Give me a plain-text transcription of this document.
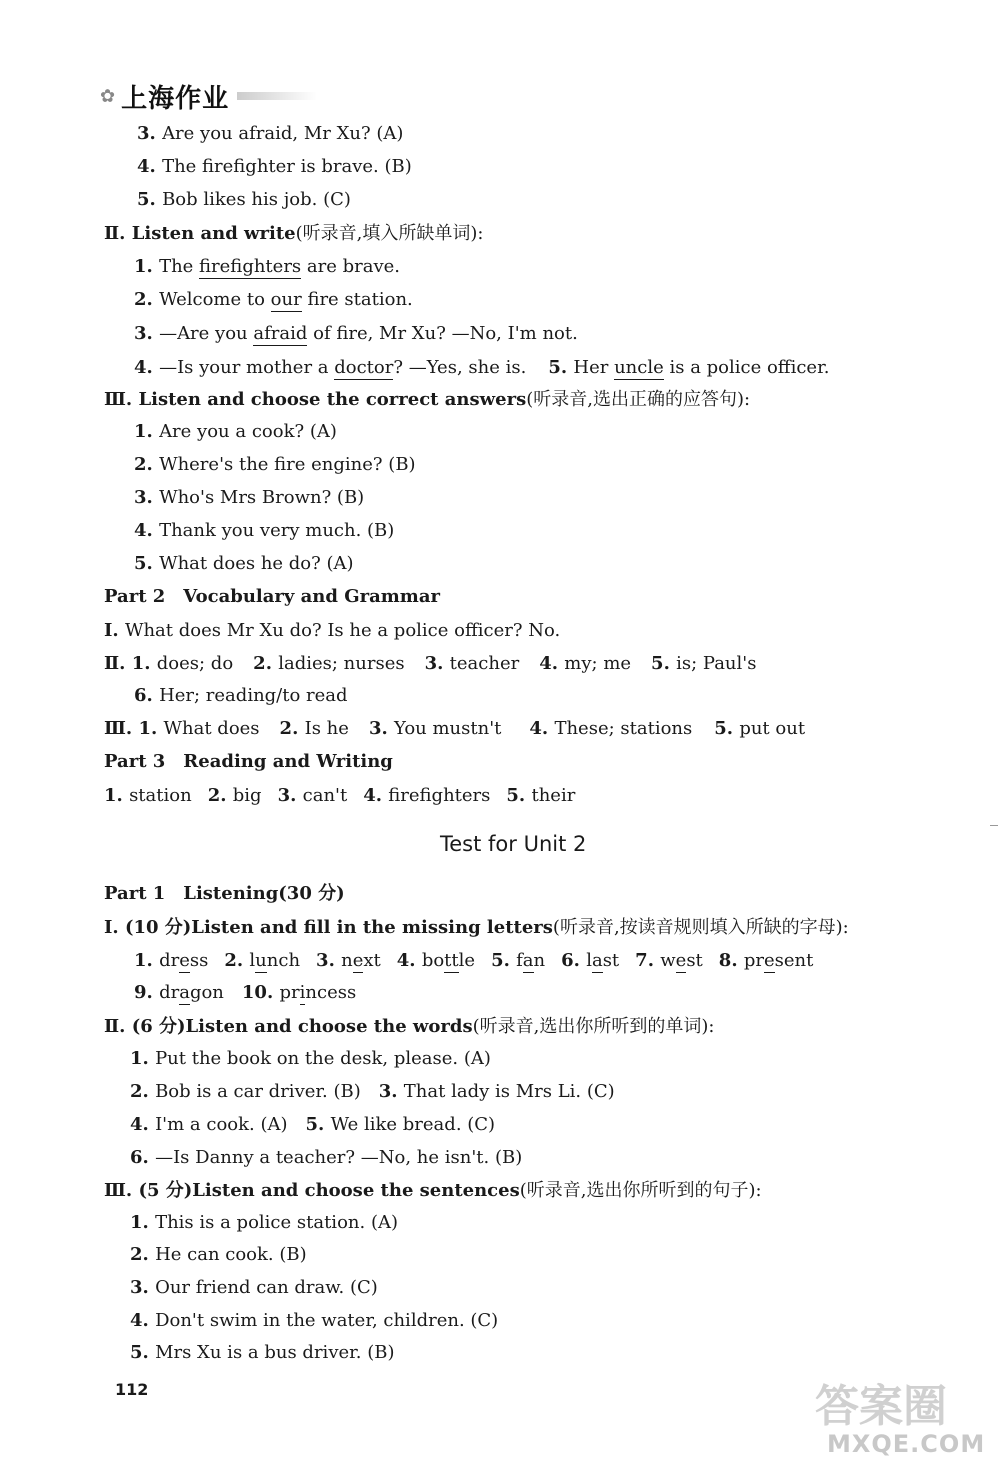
✿ 上海作业
3. Are you afraid, Mr Xu? (A)
4. The firefighter is brave. (B)
5. Bob likes his job. (C)
Ⅱ. Listen and write(听录音,填入所缺单词):
1. The firefighters are brave.
2. Welcome to our fire station.
3. —Are you afraid of fire, Mr Xu? —No, I'm not.
4. —Is your mother a doctor? —Yes, she is. 5. Her uncle is a police officer.
Ⅲ. Listen and choose the correct answers(听录音,选出正确的应答句):
1. Are you a cook? (A)
2. Where's the fire engine? (B)
3. Who's Mrs Brown? (B)
4. Thank you very much. (B)
5. What does he do? (A)
Part 2　Vocabulary and Grammar
Ⅰ. What does Mr Xu do? Is he a police officer? No.
Ⅱ. 1. does; do 2. ladies; nurses 3. teacher 4. my; me 5. is; Paul's
6. Her; reading/to read
Ⅲ. 1. What does 2. Is he 3. You mustn't 4. These; stations 5. put out
Part 3　Reading and Writing
1. station 2. big 3. can't 4. firefighters 5. their
Test for Unit 2
Part 1　Listening(30 分)
Ⅰ. (10 分)Listen and fill in the missing letters(听录音,按读音规则填入所缺的字母):
1. dress 2. lunch 3. next 4. bottle 5. fan 6. last 7. west 8. present
9. dragon 10. princess
Ⅱ. (6 分)Listen and choose the words(听录音,选出你所听到的单词):
1. Put the book on the desk, please. (A)
2. Bob is a car driver. (B) 3. That lady is Mrs Li. (C)
4. I'm a cook. (A) 5. We like bread. (C)
6. —Is Danny a teacher? —No, he isn't. (B)
Ⅲ. (5 分)Listen and choose the sentences(听录音,选出你所听到的句子):
1. This is a police station. (A)
2. He can cook. (B)
3. Our friend can draw. (C)
4. Don't swim in the water, children. (C)
5. Mrs Xu is a bus driver. (B)
112	答案圈
MXQE.COM
